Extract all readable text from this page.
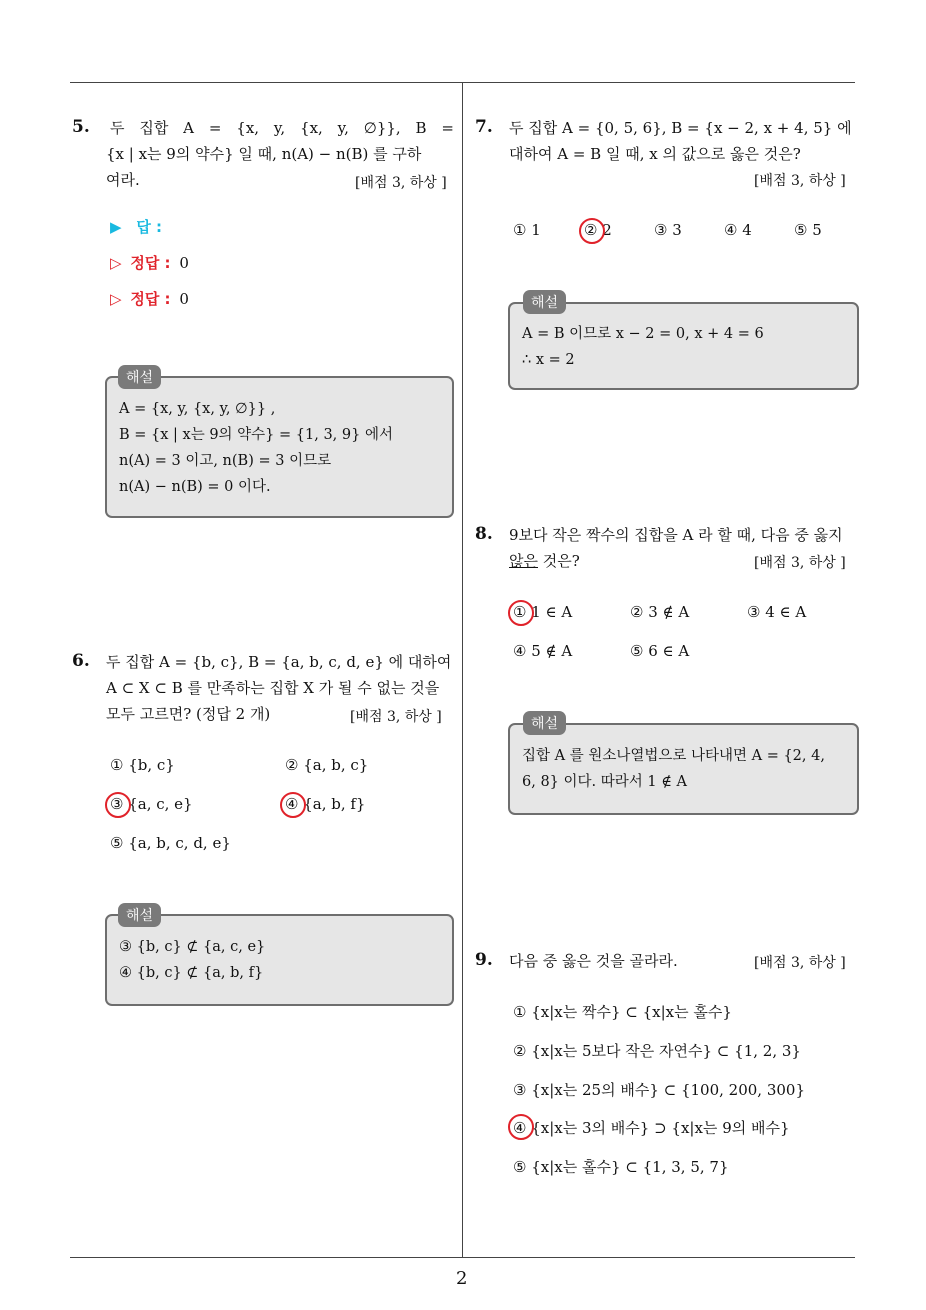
2
5. 두 집합 A = {x, y, {x, y, ∅}}, B =
{x | x는 9의 약수} 일 때, n(A) − n(B) 를 구하
여라.	[배점 3, 하상 ]
▶ 답 :
▷ 정답 : 0
▷ 정답 : 0
A = {x, y, {x, y, ∅}} ,
B = {x | x는 9의 약수} = {1, 3, 9} 에서
n(A) = 3 이고, n(B) = 3 이므로
n(A) − n(B) = 0 이다.
해설
6. 두 집합 A = {b, c}, B = {a, b, c, d, e} 에 대하여
A ⊂ X ⊂ B 를 만족하는 집합 X 가 될 수 없는 것을
모두 고르면? (정답 2 개)	[배점 3, 하상 ]
① {b, c}	② {a, b, c}
③ {a, c, e}	④ {a, b, f}
⑤ {a, b, c, d, e}
③ {b, c} ⊄ {a, c, e}
④ {b, c} ⊄ {a, b, f}
해설
7. 두 집합 A = {0, 5, 6}, B = {x − 2, x + 4, 5} 에
대하여 A = B 일 때, x 의 값으로 옳은 것은?
[배점 3, 하상 ]
① 1	② 2	③ 3	④ 4	⑤ 5
A = B 이므로 x − 2 = 0, x + 4 = 6
∴ x = 2
해설
8. 9보다 작은 짝수의 집합을 A 라 할 때, 다음 중 옳지
않은 것은?	[배점 3, 하상 ]
① 1 ∈ A	② 3 ∉ A	③ 4 ∈ A
④ 5 ∉ A	⑤ 6 ∈ A
집합 A 를 원소나열법으로 나타내면 A = {2, 4,
6, 8} 이다. 따라서 1 ∉ A
해설
9. 다음 중 옳은 것을 골라라.	[배점 3, 하상 ]
① {x|x는 짝수} ⊂ {x|x는 홀수}
② {x|x는 5보다 작은 자연수} ⊂ {1, 2, 3}
③ {x|x는 25의 배수} ⊂ {100, 200, 300}
④ {x|x는 3의 배수} ⊃ {x|x는 9의 배수}
⑤ {x|x는 홀수} ⊂ {1, 3, 5, 7}
